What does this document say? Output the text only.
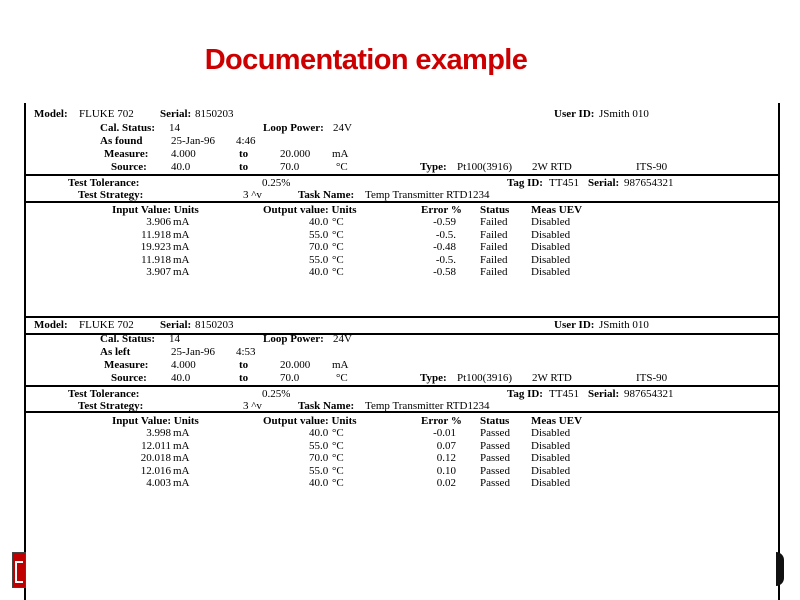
Documentation example
Model: FLUKE 702 Serial: 8150203	User ID: JSmith 010
Cal. Status: 14	Loop Power: 24V
As found	25-Jan-96 4:46
Measure: 4.000	to	20.000 mA
Source: 40.0	to	70.0	°C	Type: Pt100(3916) 2W RTD	ITS-90
Test Tolerance:	0.25%	Tag ID: TT451 Serial: 987654321
Test Strategy:	3 ^v	Task Name: Temp Transmitter RTD1234
Input Value: Units	Output value: Units	Error % Status Meas UEV
3.906 mA	40.0 °C	-0.59 Failed Disabled
11.918 mA	55.0 °C	-0.5. Failed Disabled
19.923 mA	70.0 °C	-0.48 Failed Disabled
11.918 mA	55.0 °C	-0.5. Failed Disabled
3.907 mA	40.0 °C	-0.58 Failed Disabled
Model: FLUKE 702 Serial: 8150203	User ID: JSmith 010
Cal. Status: 14	Loop Power: 24V
As left	25-Jan-96 4:53
Measure: 4.000	to	20.000 mA
Source: 40.0	to	70.0	°C	Type: Pt100(3916) 2W RTD	ITS-90
Test Tolerance:	0.25%	Tag ID: TT451 Serial: 987654321
Test Strategy:	3 ^v	Task Name: Temp Transmitter RTD1234
Input Value: Units	Output value: Units	Error % Status Meas UEV
3.998 mA	40.0 °C	-0.01 Passed Disabled
12.011 mA	55.0 °C	0.07 Passed Disabled
20.018 mA	70.0 °C	0.12 Passed Disabled
12.016 mA	55.0 °C	0.10 Passed Disabled
4.003 mA	40.0 °C	0.02 Passed Disabled
